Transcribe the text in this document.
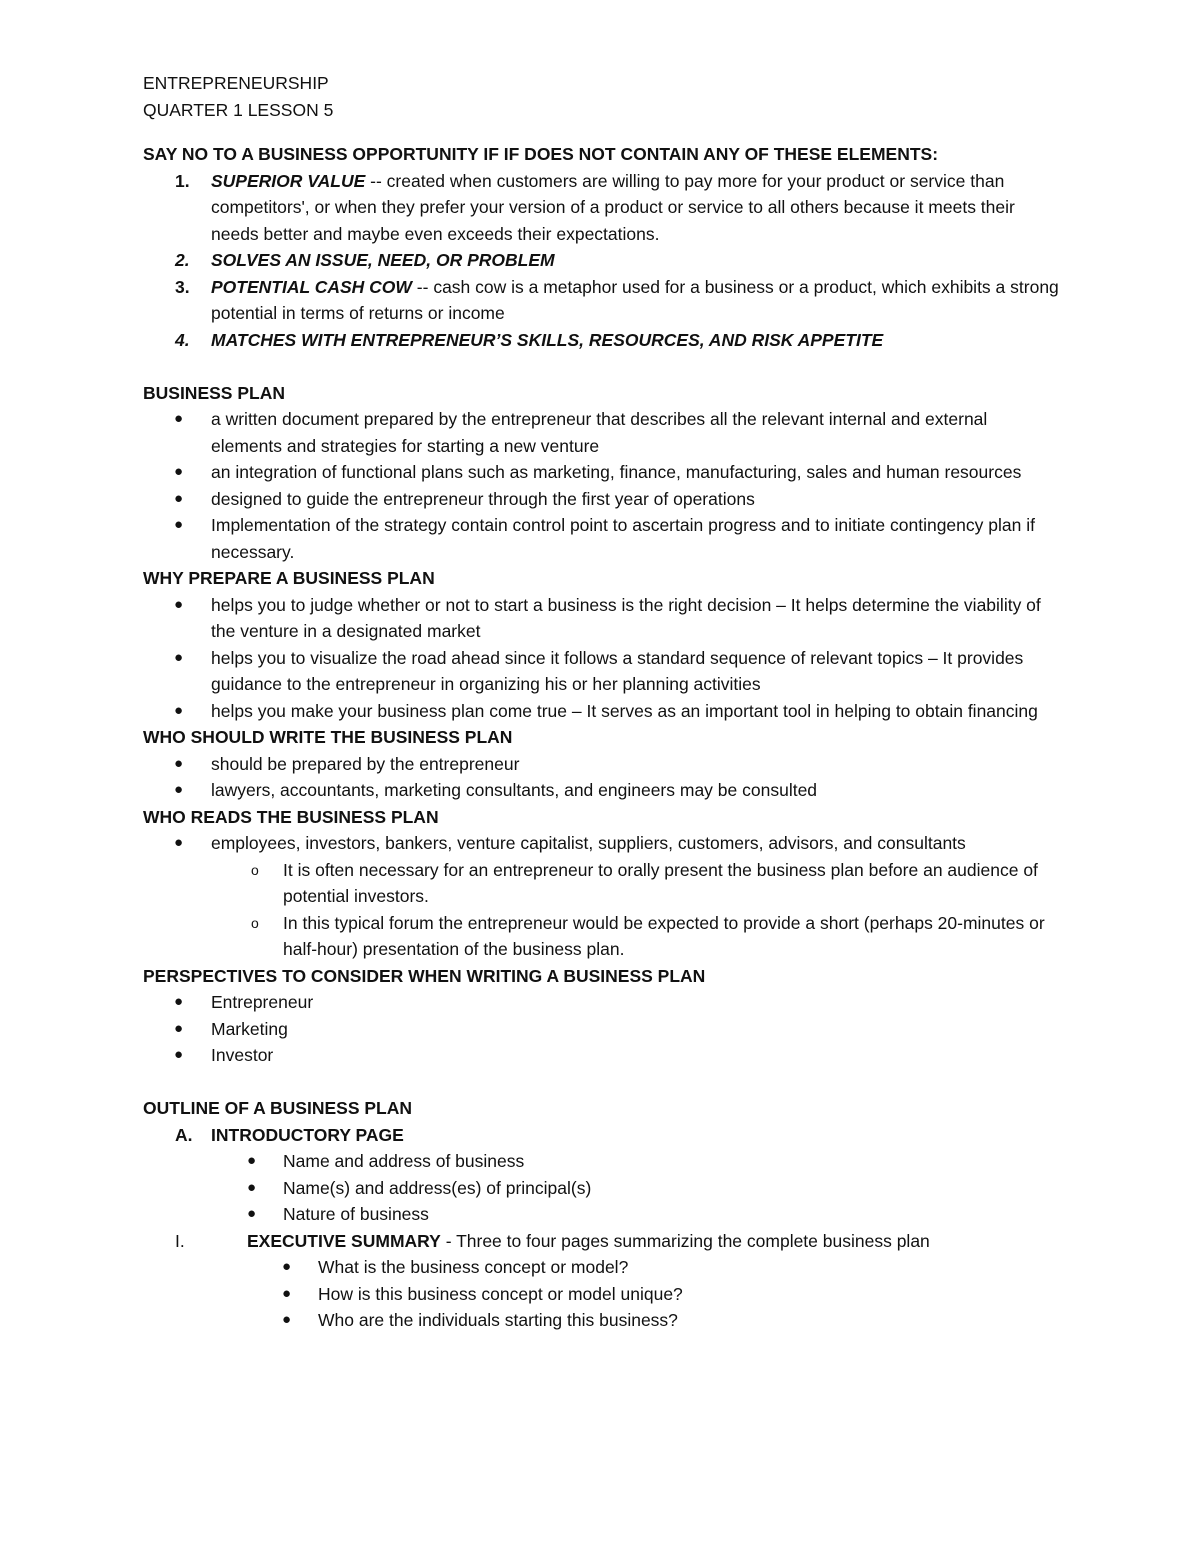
ENTREPRENEURSHIP
QUARTER 1 LESSON 5
SAY NO TO A BUSINESS OPPORTUNITY IF IF DOES NOT CONTAIN ANY OF THESE ELEMENTS:
1. SUPERIOR VALUE -- created when customers are willing to pay more for your product or service than competitors', or when they prefer your version of a product or service to all others because it meets their needs better and maybe even exceeds their expectations.
2. SOLVES AN ISSUE, NEED, OR PROBLEM
3. POTENTIAL CASH COW -- cash cow is a metaphor used for a business or a product, which exhibits a strong potential in terms of returns or income
4. MATCHES WITH ENTREPRENEUR’S SKILLS, RESOURCES, AND RISK APPETITE
BUSINESS PLAN
● a written document prepared by the entrepreneur that describes all the relevant internal and external elements and strategies for starting a new venture
● an integration of functional plans such as marketing, finance, manufacturing, sales and human resources
● designed to guide the entrepreneur through the first year of operations
● Implementation of the strategy contain control point to ascertain progress and to initiate contingency plan if necessary.
WHY PREPARE A BUSINESS PLAN
● helps you to judge whether or not to start a business is the right decision – It helps determine the viability of the venture in a designated market
● helps you to visualize the road ahead since it follows a standard sequence of relevant topics – It provides guidance to the entrepreneur in organizing his or her planning activities
● helps you make your business plan come true – It serves as an important tool in helping to obtain financing
WHO SHOULD WRITE THE BUSINESS PLAN
● should be prepared by the entrepreneur
● lawyers, accountants, marketing consultants, and engineers may be consulted
WHO READS THE BUSINESS PLAN
● employees, investors, bankers, venture capitalist, suppliers, customers, advisors, and consultants
o It is often necessary for an entrepreneur to orally present the business plan before an audience of potential investors.
o In this typical forum the entrepreneur would be expected to provide a short (perhaps 20-minutes or half-hour) presentation of the business plan.
PERSPECTIVES TO CONSIDER WHEN WRITING A BUSINESS PLAN
● Entrepreneur
● Marketing
● Investor
OUTLINE OF A BUSINESS PLAN
A. INTRODUCTORY PAGE
● Name and address of business
● Name(s) and address(es) of principal(s)
● Nature of business
I.	EXECUTIVE SUMMARY - Three to four pages summarizing the complete business plan
● What is the business concept or model?
● How is this business concept or model unique?
● Who are the individuals starting this business?
